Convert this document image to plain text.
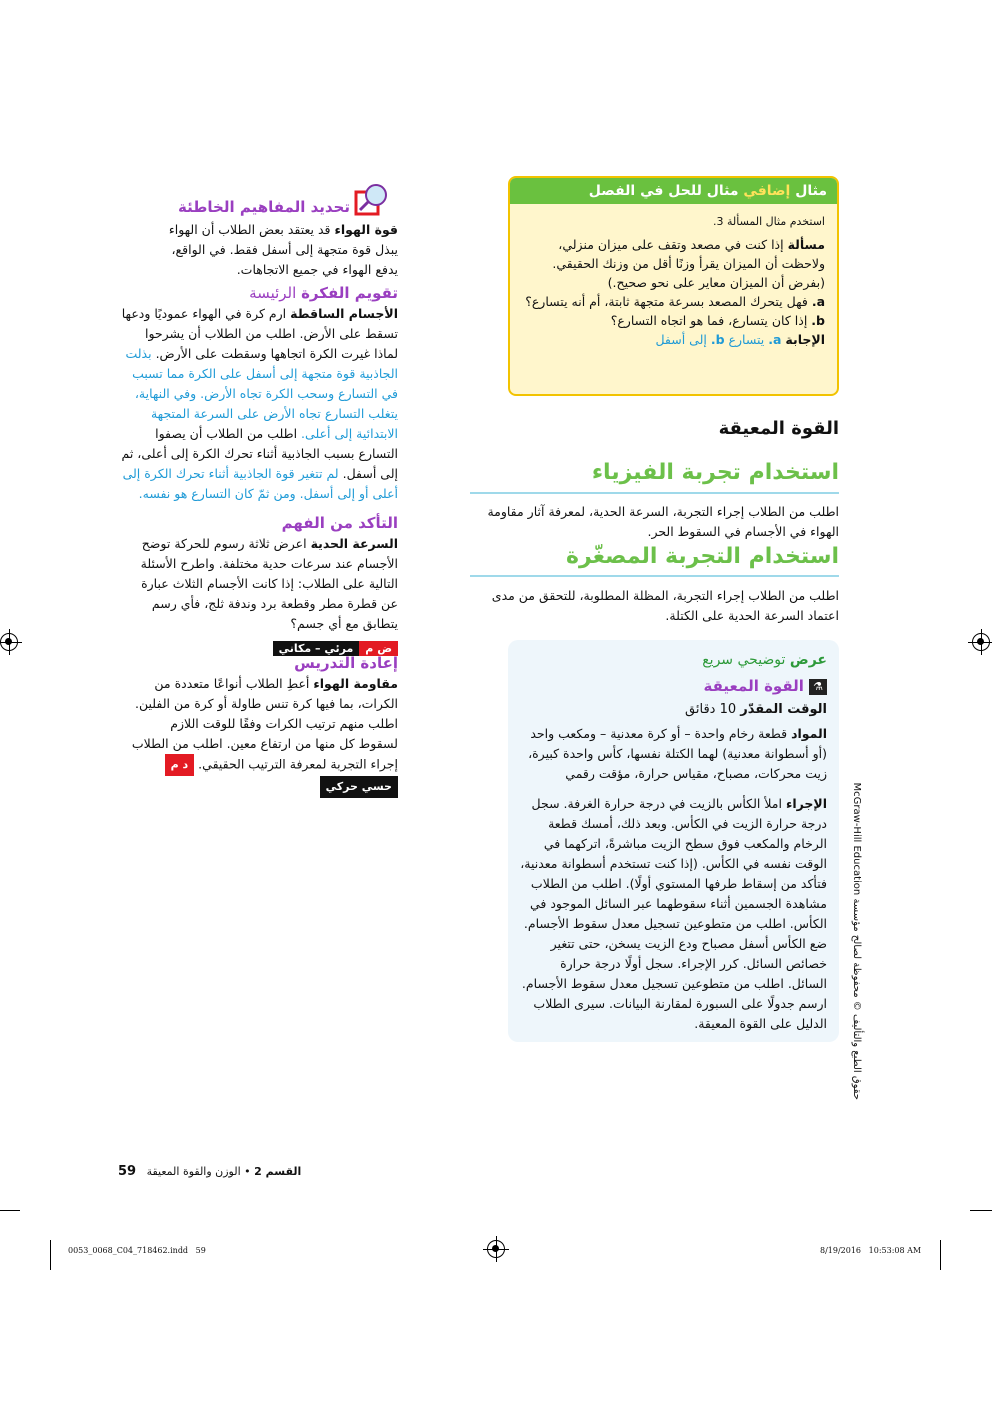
مثال إضافي مثال للحل في الفصل
استخدم مثال المسألة 3.
مسألة إذا كنت في مصعد وتقف على ميزان منزلي، ولاحظت أن الميزان يقرأ وزنًا أقل من وزنك الحقيقي. (بفرض أن الميزان معاير على نحو صحيح.)
a. فهل يتحرك المصعد بسرعة متجهة ثابتة، أم أنه يتسارع؟
b. إذا كان يتسارع، فما هو اتجاه التسارع؟
الإجابة a. يتسارع b. إلى أسفل
القوة المعيقة
استخدام تجربة الفيزياء
اطلب من الطلاب إجراء التجربة، السرعة الحدية، لمعرفة آثار مقاومة الهواء في الأجسام في السقوط الحر.
استخدام التجربة المصغّرة
اطلب من الطلاب إجراء التجربة، المظلة المطلوبة، للتحقق من مدى اعتماد السرعة الحدية على الكتلة.
عرض توضيحي سريع
⚗ القوة المعيقة
الوقت المقدّر 10 دقائق
المواد قطعة رخام واحدة – أو كرة معدنية – ومكعب واحد (أو أسطوانة معدنية) لهما الكتلة نفسها، كأس واحدة كبيرة، زيت محركات، مصباح، مقياس حرارة، مؤقت رقمي
الإجراء املأ الكأس بالزيت في درجة حرارة الغرفة. سجل درجة حرارة الزيت في الكأس. وبعد ذلك، أمسك قطعة الرخام والمكعب فوق سطح الزيت مباشرةً، اتركهما في الوقت نفسه في الكأس. (إذا كنت تستخدم أسطوانة معدنية، فتأكد من إسقاط طرفها المستوي أولًا). اطلب من الطلاب مشاهدة الجسمين أثناء سقوطهما عبر السائل الموجود في الكأس. اطلب من متطوعين تسجيل معدل سقوط الأجسام. ضع الكأس أسفل مصباح ودع الزيت يسخن، حتى تتغير خصائص السائل. كرر الإجراء. سجل أولًا درجة حرارة السائل. اطلب من متطوعين تسجيل معدل سقوط الأجسام. ارسم جدولًا على السبورة لمقارنة البيانات. سيرى الطلاب الدليل على القوة المعيقة.
حقوق الطبع والتأليف © محفوظة لصالح مؤسسة McGraw-Hill Education
تحديد المفاهيم الخاطئة
قوة الهواء قد يعتقد بعض الطلاب أن الهواء يبذل قوة متجهة إلى أسفل فقط. في الواقع، يدفع الهواء في جميع الاتجاهات.
تقويم الفكرة الرئيسة
الأجسام الساقطة ارم كرة في الهواء عموديًا ودعها تسقط على الأرض. اطلب من الطلاب أن يشرحوا لماذا غيرت الكرة اتجاهها وسقطت على الأرض. بذلت الجاذبية قوة متجهة إلى أسفل على الكرة مما تسبب في التسارع وسحب الكرة تجاه الأرض. وفي النهاية، يتغلب التسارع تجاه الأرض على السرعة المتجهة الابتدائية إلى أعلى. اطلب من الطلاب أن يصفوا التسارع بسبب الجاذبية أثناء تحرك الكرة إلى أعلى، ثم إلى أسفل. لم تتغير قوة الجاذبية أثناء تحرك الكرة إلى أعلى أو إلى أسفل. ومن ثمّ كان التسارع هو نفسه.
التأكد من الفهم
السرعة الحدية اعرض ثلاثة رسوم للحركة توضح الأجسام عند سرعات حدية مختلفة. واطرح الأسئلة التالية على الطلاب: إذا كانت الأجسام الثلاث عبارة عن قطرة مطر وقطعة برد وندفة ثلج، فأي رسم يتطابق مع أي جسم؟
ض ممرئي – مكاني
إعادة التدريس
مقاومة الهواء أعطِ الطلاب أنواعًا متعددة من الكرات، بما فيها كرة تنس طاولة أو كرة من الفلين. اطلب منهم ترتيب الكرات وفقًا للوقت اللازم لسقوط كل منها من ارتفاع معين. اطلب من الطلاب إجراء التجربة لمعرفة الترتيب الحقيقي. د محسي حركي
القسم 2 • الوزن والقوة المعيقة   59
0053_0068_C04_718462.indd   59	8/19/2016   10:53:08 AM
